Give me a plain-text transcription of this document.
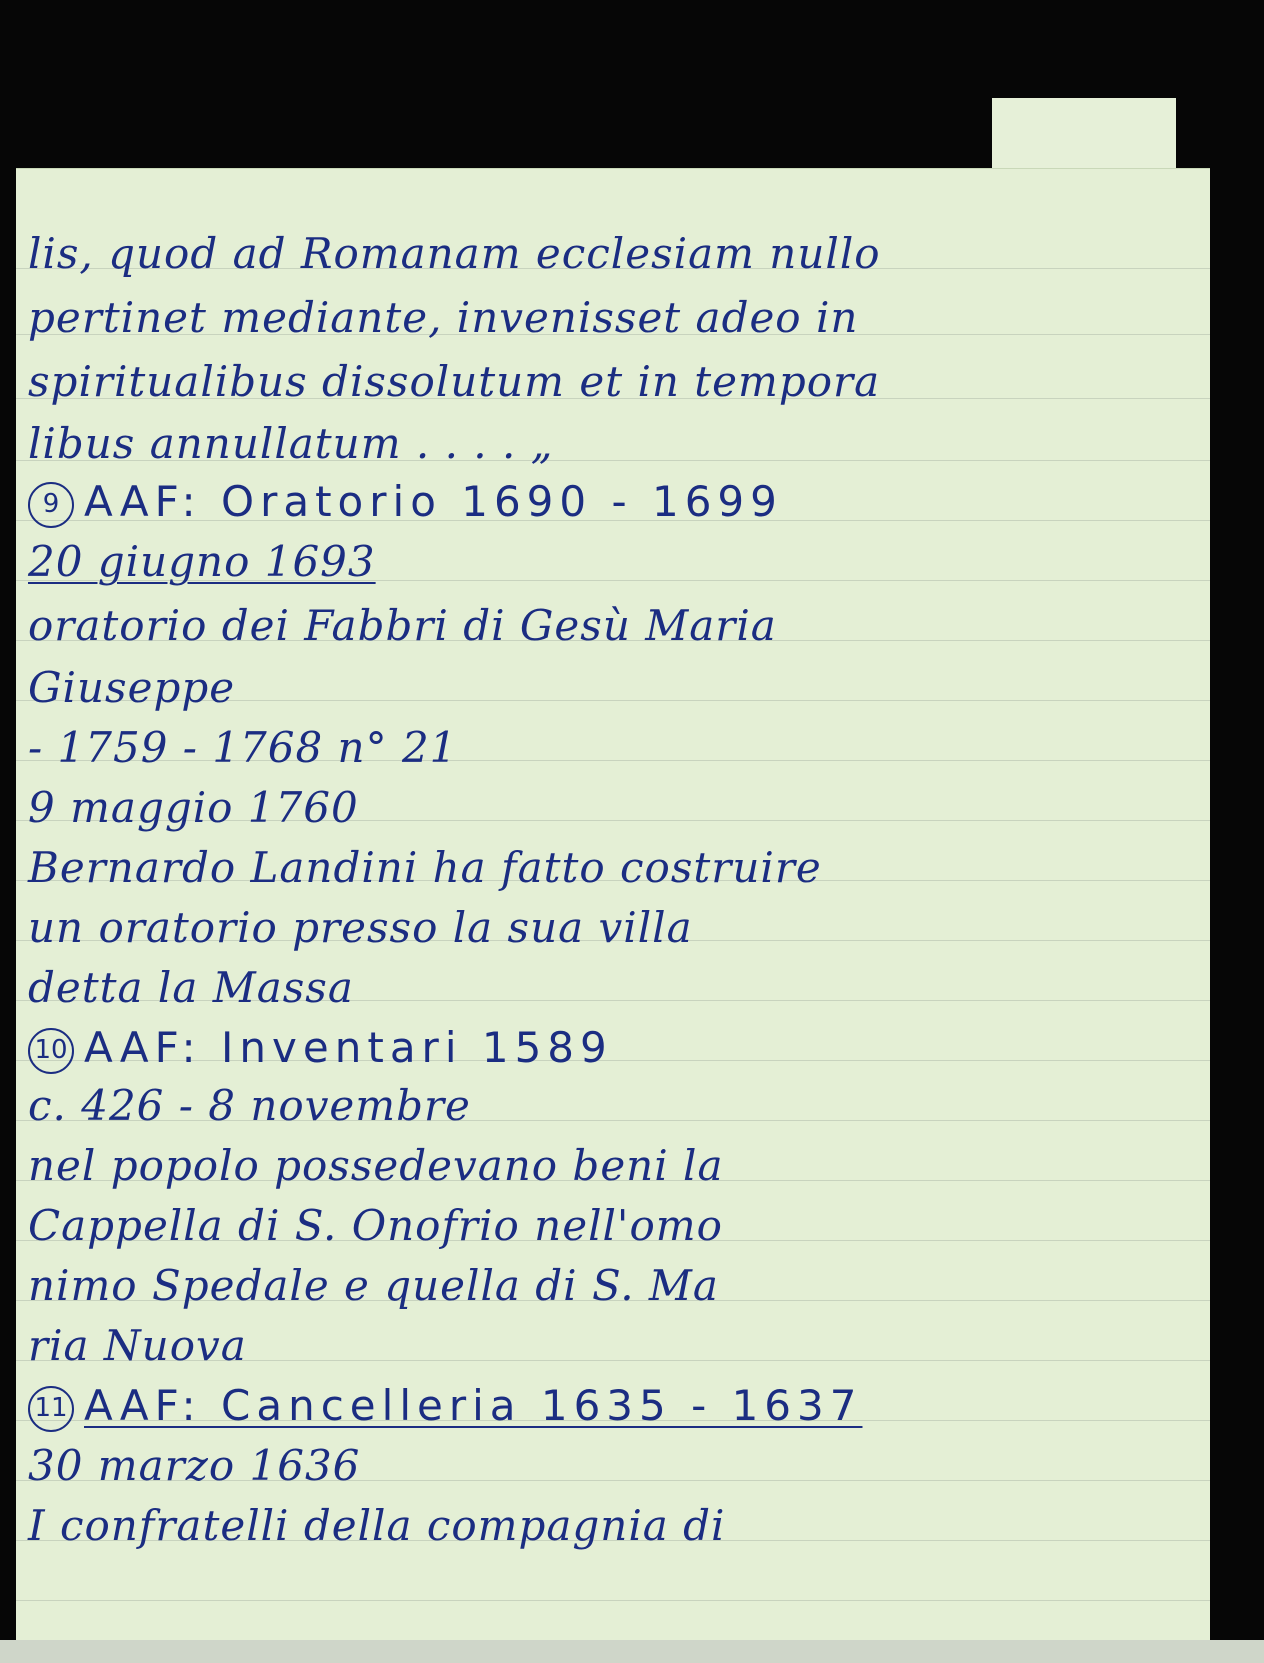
lis, quod ad Romanam ecclesiam nullo
pertinet mediante, invenisset adeo in
spiritualibus dissolutum et in tempora
libus annullatum . . . . „
9 AAF: Oratorio 1690 - 1699
20 giugno 1693
oratorio dei Fabbri di Gesù Maria
Giuseppe
- 1759 - 1768 n° 21
9 maggio 1760
Bernardo Landini ha fatto costruire
un oratorio presso la sua villa
detta la Massa
10 AAF: Inventari 1589
c. 426 - 8 novembre
nel popolo possedevano beni la
Cappella di S. Onofrio nell'omo
nimo Spedale e quella di S. Ma
ria Nuova
11 AAF: Cancelleria 1635 - 1637
30 marzo 1636
I confratelli della compagnia di
